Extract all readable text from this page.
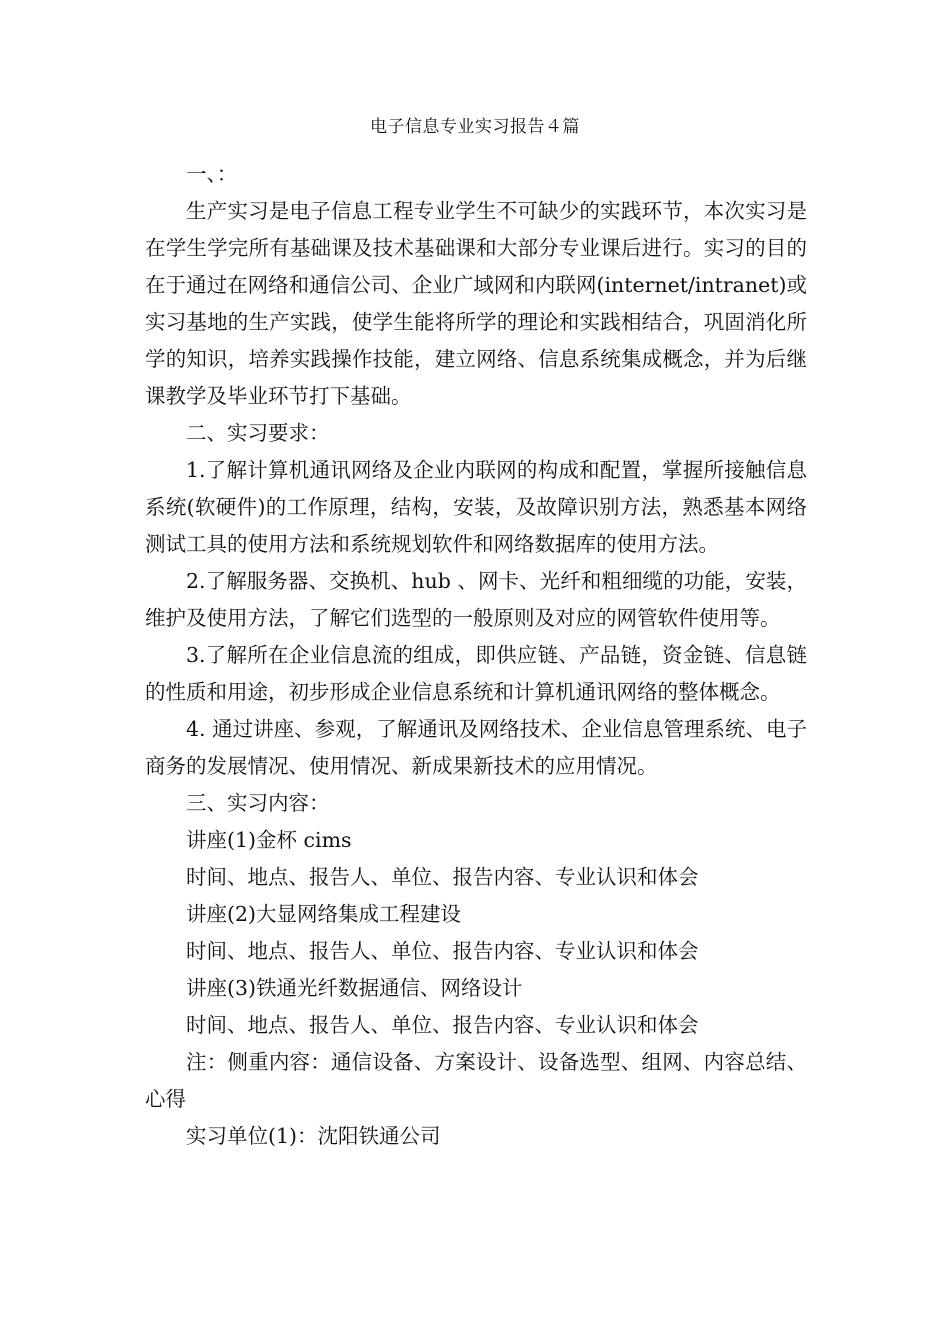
电子信息专业实习报告４篇

一、：

生产实习是电子信息工程专业学生不可缺少的实践环节，本次实习是在学生学完所有基础课及技术基础课和大部分专业课后进行。实习的目的在于通过在网络和通信公司、企业广域网和内联网(internet/intranet)或实习基地的生产实践，使学生能将所学的理论和实践相结合，巩固消化所学的知识，培养实践操作技能，建立网络、信息系统集成概念，并为后继课教学及毕业环节打下基础。

二、实习要求：

1.了解计算机通讯网络及企业内联网的构成和配置，掌握所接触信息系统(软硬件)的工作原理，结构，安装，及故障识别方法，熟悉基本网络测试工具的使用方法和系统规划软件和网络数据库的使用方法。

2.了解服务器、交换机、hub 、网卡、光纤和粗细缆的功能，安装，维护及使用方法，了解它们选型的一般原则及对应的网管软件使用等。

3.了解所在企业信息流的组成，即供应链、产品链，资金链、信息链的性质和用途，初步形成企业信息系统和计算机通讯网络的整体概念。

4. 通过讲座、参观，了解通讯及网络技术、企业信息管理系统、电子商务的发展情况、使用情况、新成果新技术的应用情况。

三、实习内容：

讲座(1)金杯 cims

时间、地点、报告人、单位、报告内容、专业认识和体会

讲座(2)大显网络集成工程建设

时间、地点、报告人、单位、报告内容、专业认识和体会

讲座(3)铁通光纤数据通信、网络设计

时间、地点、报告人、单位、报告内容、专业认识和体会

注：侧重内容：通信设备、方案设计、设备选型、组网、内容总结、心得

实习单位(1)：沈阳铁通公司
